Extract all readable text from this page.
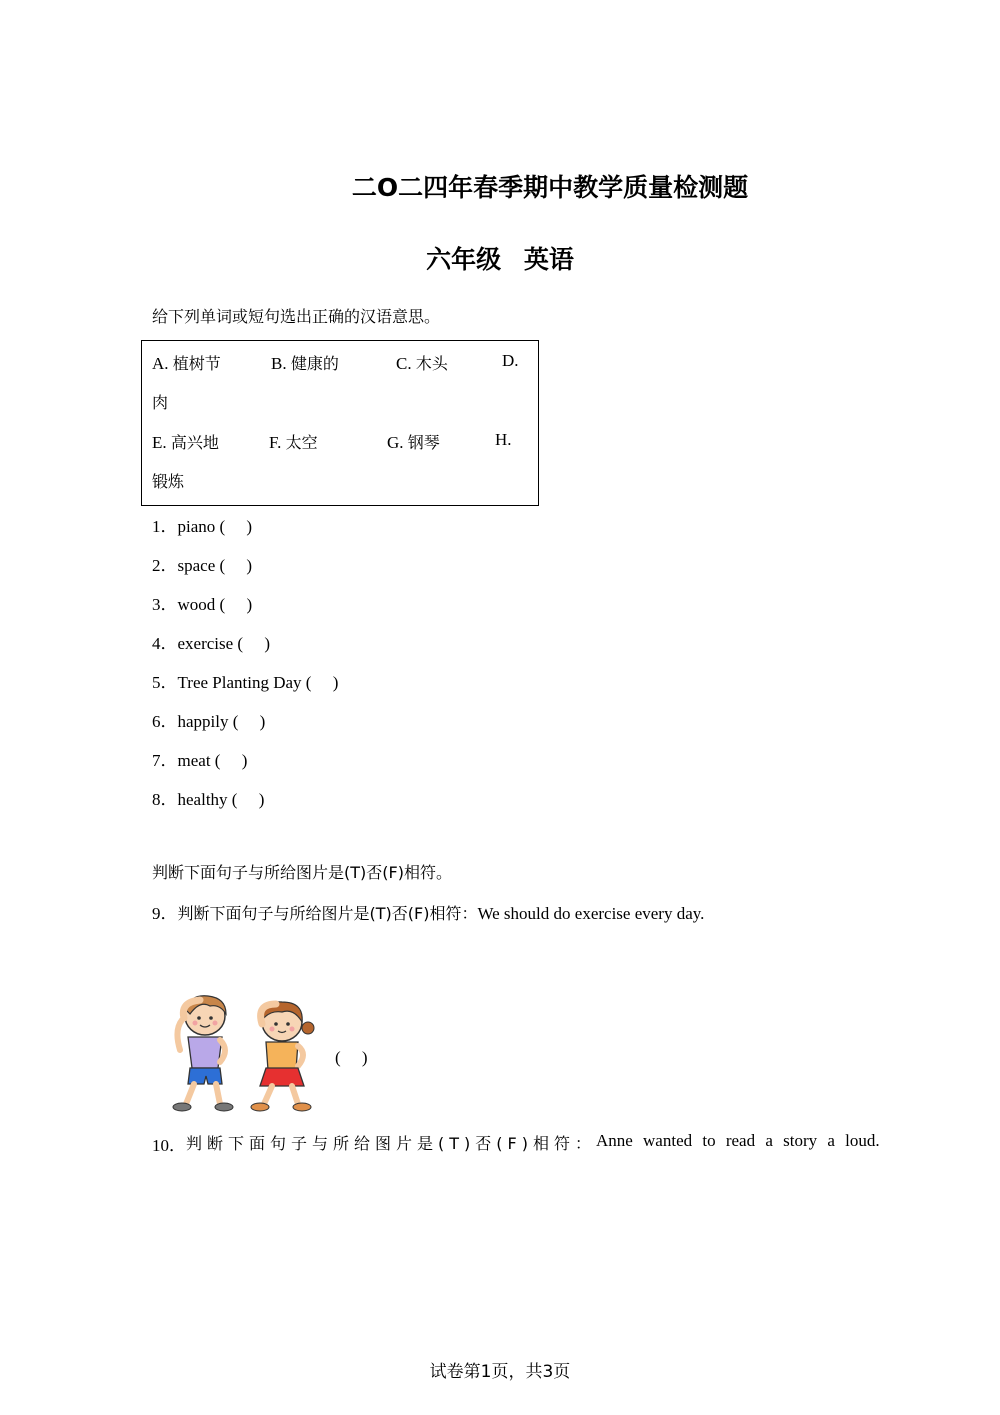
二O二四年春季期中教学质量检测题
六年级 英语
给下列单词或短句选出正确的汉语意思。
A. 植树节	B. 健康的	C. 木头	D.
肉
E. 高兴地	F. 太空	G. 钢琴	H.
锻炼
1．piano (　 )
2．space (　 )
3．wood (　 )
4．exercise (　 )
5．Tree Planting Day (　 )
6．happily (　 )
7．meat (　 )
8．healthy (　 )
判断下面句子与所给图片是(T)否(F)相符。
9．判断下面句子与所给图片是(T)否(F)相符：We should do exercise every day.
(　 )
10． 判断下面句子与所给图片是(T)否(F)相符： Anne wanted to read a story a loud.
试卷第1页，共3页
